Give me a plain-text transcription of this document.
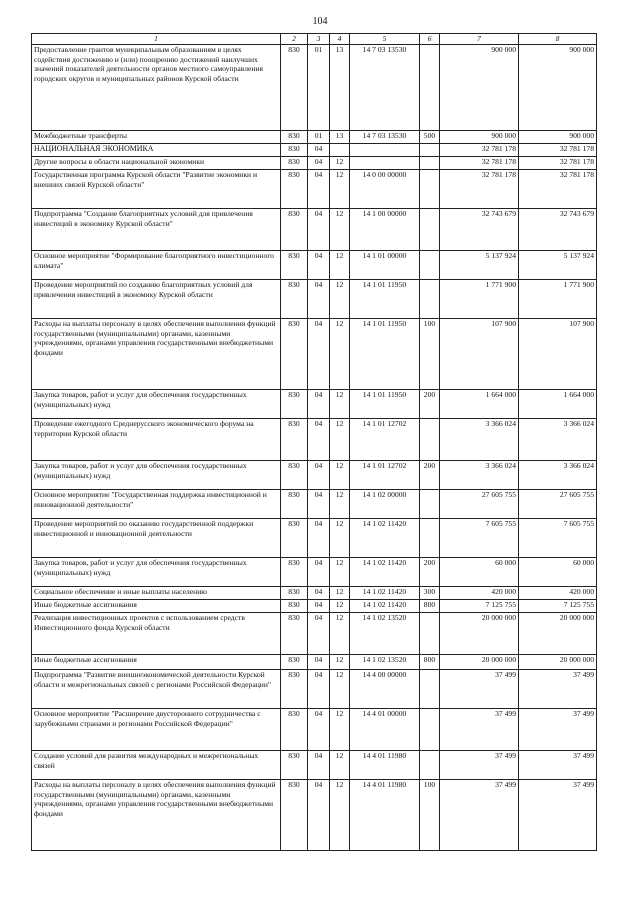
104
1	2	3	4	5	6	7	8
Предоставление грантов муниципальным образованиям в целях содействия достижению и (или) поощрению достижений наилучших значений показателей деятельности органов местного самоуправления городских округов и муниципальных районов Курской области	830	01	13	14 7 03 13530		900 000	900 000
Межбюджетные трансферты	830	01	13	14 7 03 13530	500	900 000	900 000
НАЦИОНАЛЬНАЯ ЭКОНОМИКА	830	04				32 781 178	32 781 178
Другие вопросы в области национальной экономики	830	04	12			32 781 178	32 781 178
Государственная программа Курской области "Развитие экономики и внешних связей Курской области"	830	04	12	14 0 00 00000		32 781 178	32 781 178
Подпрограмма "Создание благоприятных условий для привлечения инвестиций в экономику Курской области"	830	04	12	14 1 00 00000		32 743 679	32 743 679
Основное мероприятие "Формирование благоприятного инвестиционного климата"	830	04	12	14 1 01 00000		5 137 924	5 137 924
Проведение мероприятий по созданию благоприятных условий для привлечения инвестиций в экономику Курской области	830	04	12	14 1 01 11950		1 771 900	1 771 900
Расходы на выплаты персоналу в целях обеспечения выполнения функций государственными (муниципальными) органами, казенными учреждениями, органами управления государственными внебюджетными фондами	830	04	12	14 1 01 11950	100	107 900	107 900
Закупка товаров, работ и услуг для обеспечения государственных (муниципальных) нужд	830	04	12	14 1 01 11950	200	1 664 000	1 664 000
Проведение ежегодного Среднерусского экономического форума на территории Курской области	830	04	12	14 1 01 12702		3 366 024	3 366 024
Закупка товаров, работ и услуг для обеспечения государственных (муниципальных) нужд	830	04	12	14 1 01 12702	200	3 366 024	3 366 024
Основное мероприятие "Государственная поддержка инвестиционной и инновационной деятельности"	830	04	12	14 1 02 00000		27 605 755	27 605 755
Проведение мероприятий по оказанию государственной поддержки инвестиционной и инновационной деятельности	830	04	12	14 1 02 11420		7 605 755	7 605 755
Закупка товаров, работ и услуг для обеспечения государственных (муниципальных) нужд	830	04	12	14 1 02 11420	200	60 000	60 000
Социальное обеспечение и иные выплаты населению	830	04	12	14 1 02 11420	300	420 000	420 000
Иные бюджетные ассигнования	830	04	12	14 1 02 11420	800	7 125 755	7 125 755
Реализация инвестиционных проектов с использованием средств Инвестиционного фонда Курской области	830	04	12	14 1 02 13520		20 000 000	20 000 000
Иные бюджетные ассигнования	830	04	12	14 1 02 13520	800	20 000 000	20 000 000
Подпрограмма "Развитие внешнеэкономической деятельности Курской области и межрегиональных связей с регионами Российской Федерации"	830	04	12	14 4 00 00000		37 499	37 499
Основное мероприятие "Расширение двустороннего сотрудничества с зарубежными странами и регионами Российской Федерации"	830	04	12	14 4 01 00000		37 499	37 499
Создание условий для развития международных и межрегиональных связей	830	04	12	14 4 01 11980		37 499	37 499
Расходы на выплаты персоналу в целях обеспечения выполнения функций государственными (муниципальными) органами, казенными учреждениями, органами управления государственными внебюджетными фондами	830	04	12	14 4 01 11980	100	37 499	37 499
